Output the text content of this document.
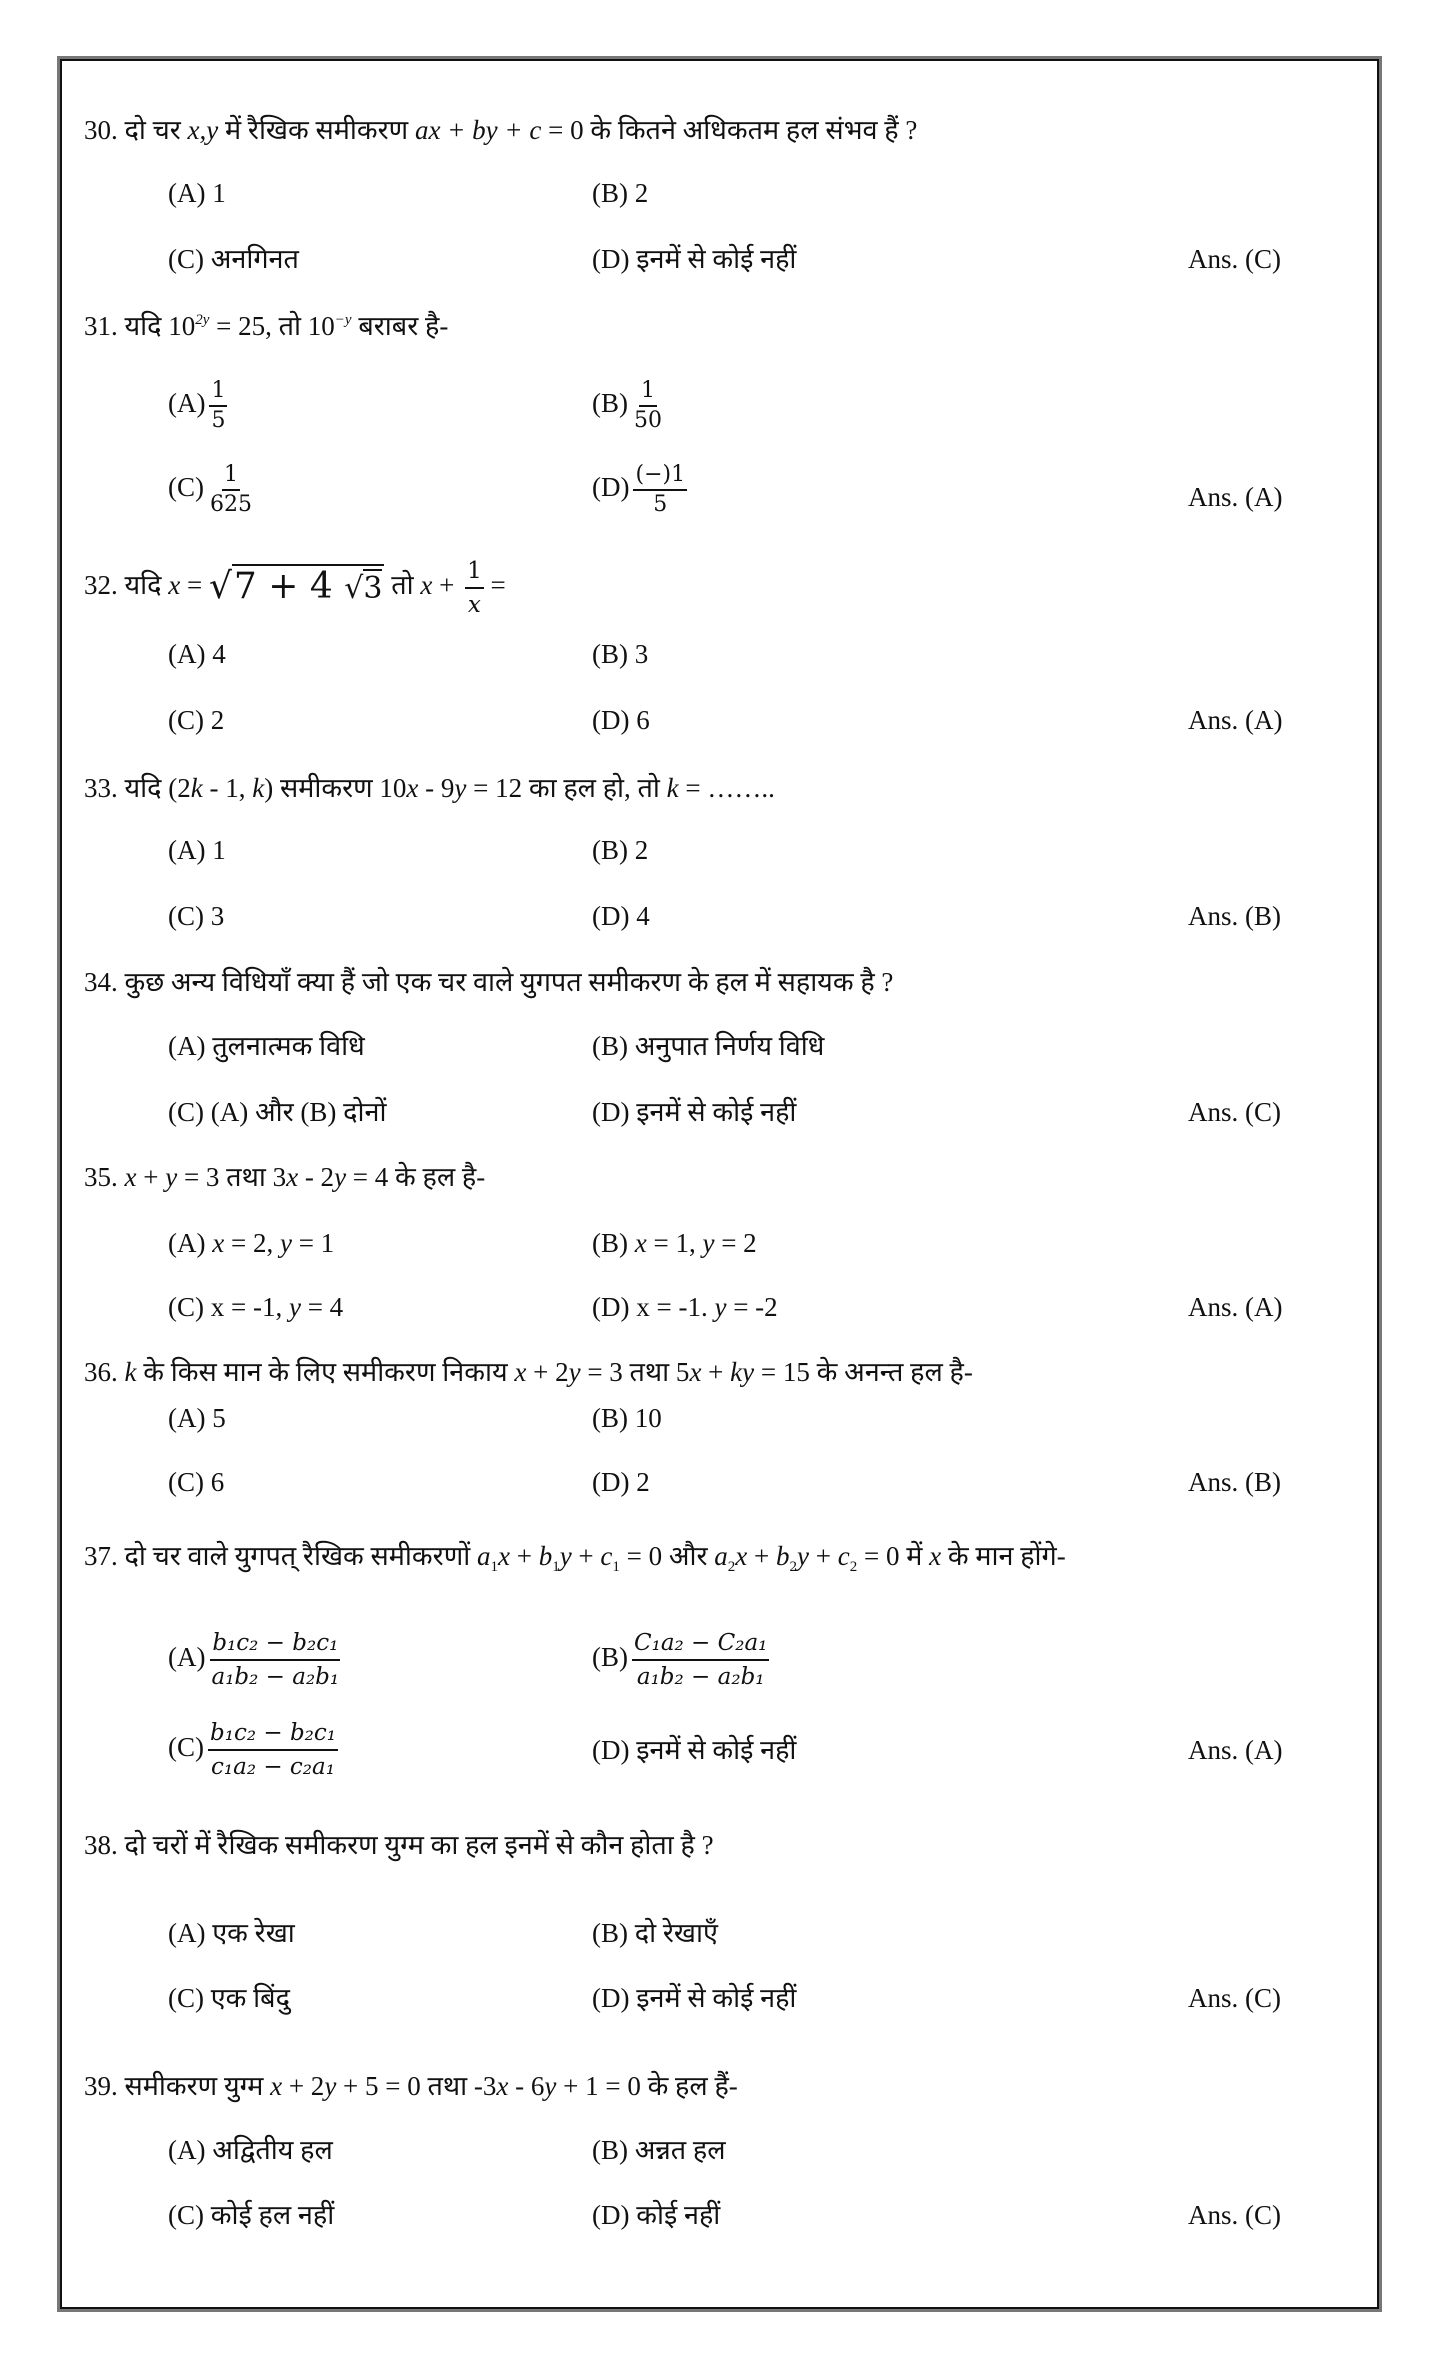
30. दो चर x,y में रैखिक समीकरण ax + by + c = 0 के कितने अधिकतम हल संभव हैं ?
(A) 1	(B) 2
(C) अनगिनत	(D) इनमें से कोई नहीं	Ans. (C)
31. यदि $10^{2y} = 25$, तो $10^{-y}$ बराबर है-
$(A) \frac{1}{5}$	$(B) \frac{1}{50}$
$(C) \frac{1}{625}$	$(D) \frac{(-)1}{5}$	Ans. (A)
32. यदि x = √7 + 4 √3 तो $x + \frac{1}{x}$ =
(A) 4	(B) 3
(C) 2	(D) 6	Ans. (A)
33. यदि (2k - 1, k) समीकरण 10x - 9y = 12 का हल हो, तो k = ……..
(A) 1	(B) 2
(C) 3	(D) 4	Ans. (B)
34. कुछ अन्य विधियाँ क्या हैं जो एक चर वाले युगपत समीकरण के हल में सहायक है ?
(A) तुलनात्मक विधि	(B) अनुपात निर्णय विधि
(C) (A) और (B) दोनों	(D) इनमें से कोई नहीं	Ans. (C)
35. x + y = 3 तथा 3x - 2y = 4 के हल है-
(A) x = 2, y = 1	(B) x = 1, y = 2
(C) x = -1, y = 4	(D) x = -1. y = -2	Ans. (A)
36. k के किस मान के लिए समीकरण निकाय x + 2y = 3 तथा 5x + ky = 15 के अनन्त हल है-
(A) 5	(B) 10
(C) 6	(D) 2	Ans. (B)
37. दो चर वाले युगपत् रैखिक समीकरणों $a_1x + b_1y + c_1 = 0$ और $a_2x + b_2y + c_2 = 0$ में x के मान होंगे-
$(A) \frac{\text{b₁c₂ − b₂c₁}}{\text{a₁b₂ − a₂b₁}}$	$(B) \frac{\text{C₁a₂ − C₂a₁}}{\text{a₁b₂ − a₂b₁}}$
$(C) \frac{\text{b₁c₂ − b₂c₁}}{\text{c₁a₂ − c₂a₁}}$	(D) इनमें से कोई नहीं	Ans. (A)
38. दो चरों में रैखिक समीकरण युग्म का हल इनमें से कौन होता है ?
(A) एक रेखा	(B) दो रेखाएँ
(C) एक बिंदु	(D) इनमें से कोई नहीं	Ans. (C)
39. समीकरण युग्म x + 2y + 5 = 0 तथा -3x - 6y + 1 = 0 के हल हैं-
(A) अद्वितीय हल	(B) अन्नत हल
(C) कोई हल नहीं	(D) कोई नहीं	Ans. (C)
